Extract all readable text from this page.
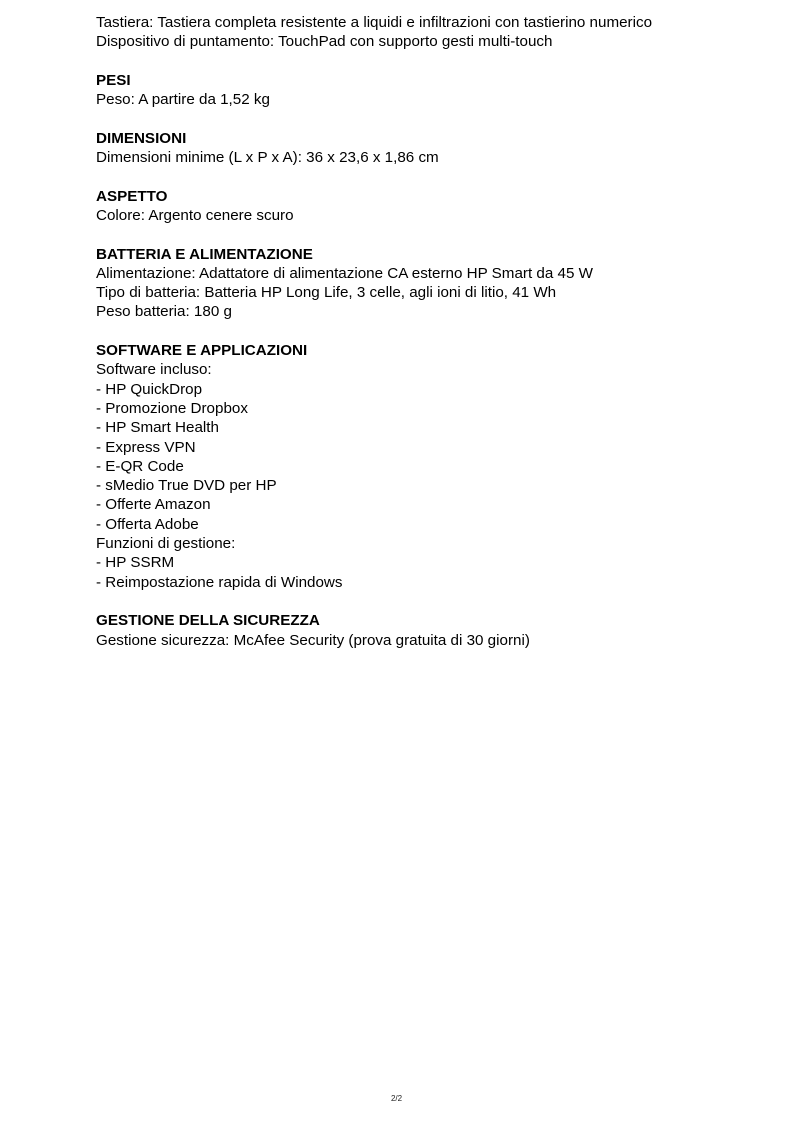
Tastiera: Tastiera completa resistente a liquidi e infiltrazioni con tastierino numerico

Dispositivo di puntamento: TouchPad con supporto gesti multi-touch

PESI

Peso: A partire da 1,52 kg

DIMENSIONI

Dimensioni minime (L x P x A): 36 x 23,6 x 1,86 cm

ASPETTO

Colore: Argento cenere scuro

BATTERIA E ALIMENTAZIONE

Alimentazione: Adattatore di alimentazione CA esterno HP Smart da 45 W

Tipo di batteria: Batteria HP Long Life, 3 celle, agli ioni di litio, 41 Wh

Peso batteria: 180 g

SOFTWARE E APPLICAZIONI

Software incluso:

- HP QuickDrop

- Promozione Dropbox

- HP Smart Health

- Express VPN

- E-QR Code

- sMedio True DVD per HP

- Offerte Amazon

- Offerta Adobe

Funzioni di gestione:

- HP SSRM

- Reimpostazione rapida di Windows

GESTIONE DELLA SICUREZZA

Gestione sicurezza: McAfee Security (prova gratuita di 30 giorni)

2/2
